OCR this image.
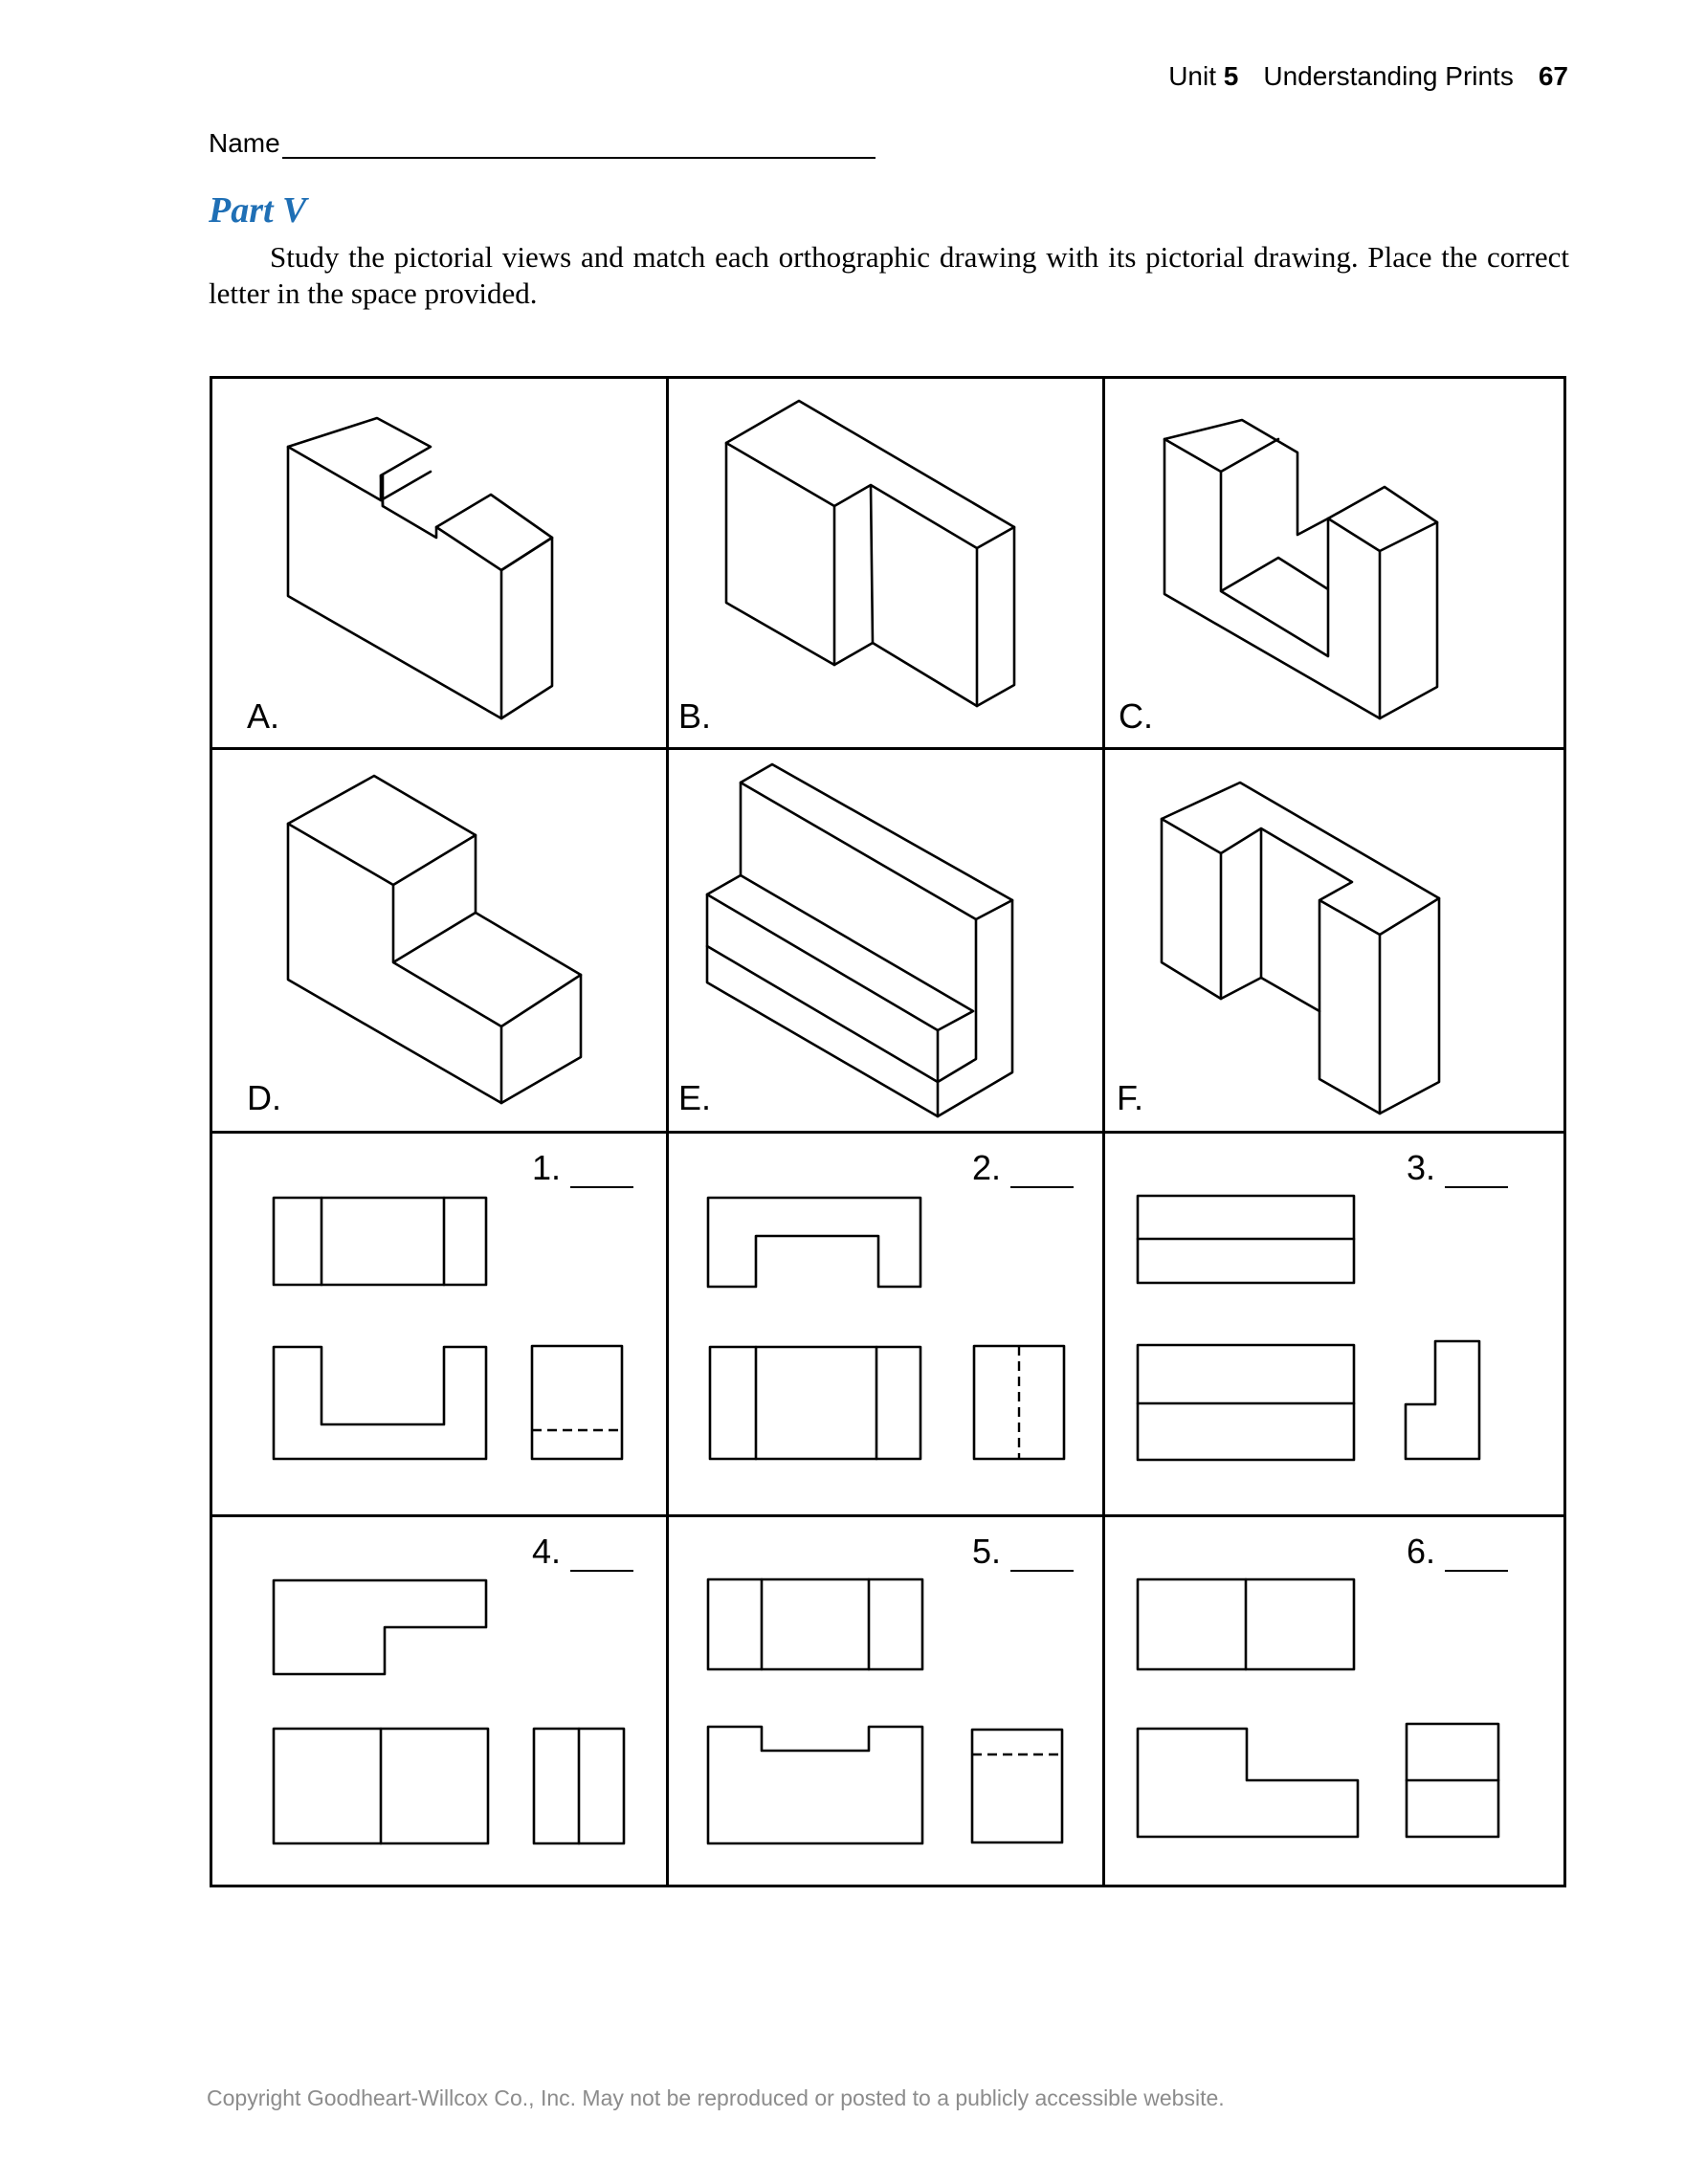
Unit 5 Understanding Prints 67
Name
Part V
Study the pictorial views and match each orthographic drawing with its pictorial drawing. Place the correct letter in the space provided.
A.	B.	C.
D.	E.	F.
1.	2.	3.
4.	5.	6.
Copyright Goodheart-Willcox Co., Inc. May not be reproduced or posted to a publicly accessible website.
